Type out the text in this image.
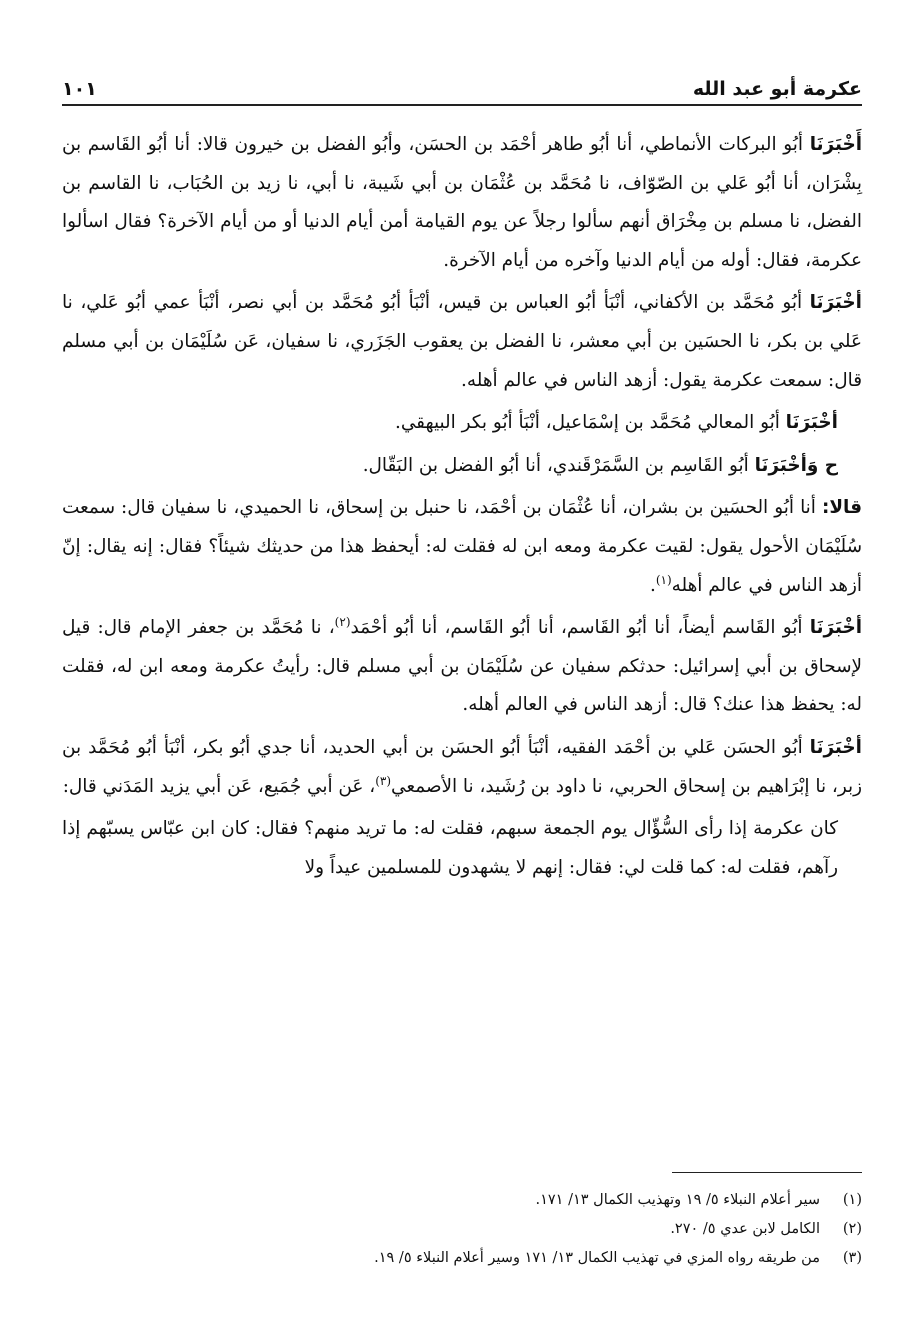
عكرمة أبو عبد الله
١٠١

أَخْبَرَنَا أبُو البركات الأنماطي، أنا أبُو طاهر أحْمَد بن الحسَن، وأبُو الفضل بن خيرون قالا: أنا أبُو القَاسم بن بِشْرَان، أنا أبُو عَلي بن الصّوّاف، نا مُحَمَّد بن عُثْمَان بن أبي شَيبة، نا أبي، نا زيد بن الحُبَاب، نا القاسم بن الفضل، نا مسلم بن مِخْرَاق أنهم سألوا رجلاً عن يوم القيامة أمن أيام الدنيا أو من أيام الآخرة؟ فقال اسألوا عكرمة، فقال: أوله من أيام الدنيا وآخره من أيام الآخرة.

أخْبَرَنَا أبُو مُحَمَّد بن الأكفاني، أنْبَأ أبُو العباس بن قيس، أنْبَأ أبُو مُحَمَّد بن أبي نصر، أنْبَأ عمي أبُو عَلي، نا عَلي بن بكر، نا الحسَين بن أبي معشر، نا الفضل بن يعقوب الجَزَري، نا سفيان، عَن سُلَيْمَان بن أبي مسلم قال: سمعت عكرمة يقول: أزهد الناس في عالم أهله.

أخْبَرَنَا أبُو المعالي مُحَمَّد بن إسْمَاعيل، أنْبَأ أبُو بكر البيهقي.

ح وَأخْبَرَنَا أبُو القَاسِم بن السَّمَرْقَندي، أنا أبُو الفضل بن البَقّال.

قالا: أنا أبُو الحسَين بن بشران، أنا عُثْمَان بن أحْمَد، نا حنبل بن إسحاق، نا الحميدي، نا سفيان قال: سمعت سُلَيْمَان الأحول يقول: لقيت عكرمة ومعه ابن له فقلت له: أيحفظ هذا من حديثك شيئاً؟ فقال: إنه يقال: إنّ أزهد الناس في عالم أهله$^{(١)}$.

أخْبَرَنَا أبُو القَاسم أيضاً، أنا أبُو القَاسم، أنا أبُو القَاسم، أنا أبُو أحْمَد$^{(٢)}$، نا مُحَمَّد بن جعفر الإمام قال: قيل لإسحاق بن أبي إسرائيل: حدثكم سفيان عن سُلَيْمَان بن أبي مسلم قال: رأيتُ عكرمة ومعه ابن له، فقلت له: يحفظ هذا عنك؟ قال: أزهد الناس في العالم أهله.

أخْبَرَنَا أبُو الحسَن عَلي بن أحْمَد الفقيه، أنْبَأ أبُو الحسَن بن أبي الحديد، أنا جدي أبُو بكر، أنْبَأ أبُو مُحَمَّد بن زبر، نا إبْرَاهيم بن إسحاق الحربي، نا داود بن رُشَيد، نا الأصمعي$^{(٣)}$، عَن أبي جُمَيع، عَن أبي يزيد المَدَني قال:

كان عكرمة إذا رأى السُّؤّال يوم الجمعة سبهم، فقلت له: ما تريد منهم؟ فقال: كان ابن عبّاس يسبّهم إذا رآهم، فقلت له: كما قلت لي: فقال: إنهم لا يشهدون للمسلمين عيداً ولا

(١)
سير أعلام النبلاء ٥/ ١٩ وتهذيب الكمال ١٣/ ١٧١.
(٢)
الكامل لابن عدي ٥/ ٢٧٠.
(٣)
من طريقه رواه المزي في تهذيب الكمال ١٣/ ١٧١ وسير أعلام النبلاء ٥/ ١٩.
